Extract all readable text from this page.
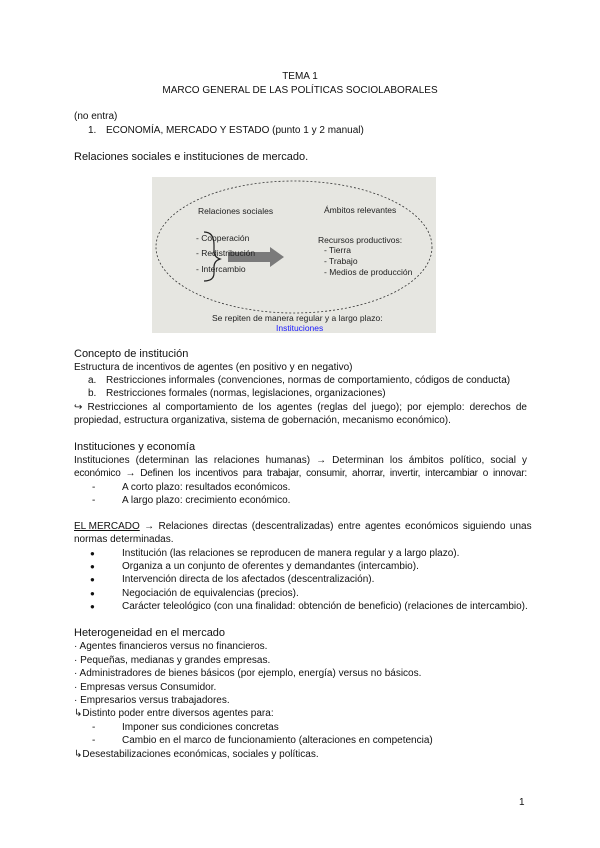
TEMA 1
MARCO GENERAL DE LAS POLÍTICAS SOCIOLABORALES
(no entra)
1. ECONOMÍA, MERCADO Y ESTADO (punto 1 y 2 manual)
Relaciones sociales e instituciones de mercado.
Relaciones sociales
- Cooperación
- Redistribución
- Intercambio
Ámbitos relevantes
Recursos productivos:
- Tierra
- Trabajo
- Medios de producción
Se repiten de manera regular y a largo plazo:
Instituciones
Concepto de institución
Estructura de incentivos de agentes (en positivo y en negativo)
a. Restricciones informales (convenciones, normas de comportamiento, códigos de conducta)
b. Restricciones formales (normas, legislaciones, organizaciones)
↪ Restricciones al comportamiento de los agentes (reglas del juego); por ejemplo: derechos de
propiedad, estructura organizativa, sistema de gobernación, mecanismo económico).
Instituciones y economía
Instituciones (determinan las relaciones humanas) → Determinan los ámbitos político, social y
económico → Definen los incentivos para trabajar, consumir, ahorrar, invertir, intercambiar o innovar:
-	A corto plazo: resultados económicos.
-	A largo plazo: crecimiento económico.
EL MERCADO → Relaciones directas (descentralizadas) entre agentes económicos siguiendo unas
normas determinadas.
●	Institución (las relaciones se reproducen de manera regular y a largo plazo).
●	Organiza a un conjunto de oferentes y demandantes (intercambio).
●	Intervención directa de los afectados (descentralización).
●	Negociación de equivalencias (precios).
●	Carácter teleológico (con una finalidad: obtención de beneficio) (relaciones de intercambio).
Heterogeneidad en el mercado
· Agentes financieros versus no financieros.
· Pequeñas, medianas y grandes empresas.
· Administradores de bienes básicos (por ejemplo, energía) versus no básicos.
· Empresas versus Consumidor.
· Empresarios versus trabajadores.
↳Distinto poder entre diversos agentes para:
-	Imponer sus condiciones concretas
-	Cambio en el marco de funcionamiento (alteraciones en competencia)
↳Desestabilizaciones económicas, sociales y políticas.
1
